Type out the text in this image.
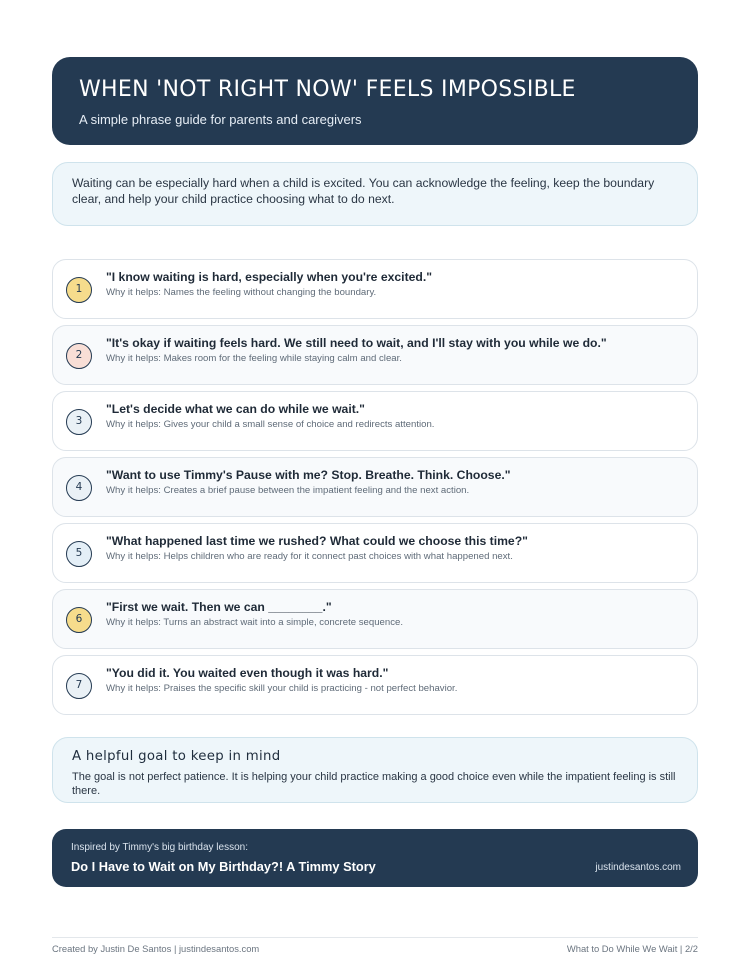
WHEN 'NOT RIGHT NOW' FEELS IMPOSSIBLE
A simple phrase guide for parents and caregivers
Waiting can be especially hard when a child is excited. You can acknowledge the feeling, keep the boundary clear, and help your child practice choosing what to do next.
1
"I know waiting is hard, especially when you're excited."
Why it helps: Names the feeling without changing the boundary.
2
"It's okay if waiting feels hard. We still need to wait, and I'll stay with you while we do."
Why it helps: Makes room for the feeling while staying calm and clear.
3
"Let's decide what we can do while we wait."
Why it helps: Gives your child a small sense of choice and redirects attention.
4
"Want to use Timmy's Pause with me? Stop. Breathe. Think. Choose."
Why it helps: Creates a brief pause between the impatient feeling and the next action.
5
"What happened last time we rushed? What could we choose this time?"
Why it helps: Helps children who are ready for it connect past choices with what happened next.
6
"First we wait. Then we can ________."
Why it helps: Turns an abstract wait into a simple, concrete sequence.
7
"You did it. You waited even though it was hard."
Why it helps: Praises the specific skill your child is practicing - not perfect behavior.
A helpful goal to keep in mind

The goal is not perfect patience. It is helping your child practice making a good choice even while the impatient feeling is still there.

Inspired by Timmy's big birthday lesson:
Do I Have to Wait on My Birthday?! A Timmy Story	justindesantos.com
Created by Justin De Santos | justindesantos.com	What to Do While We Wait | 2/2
